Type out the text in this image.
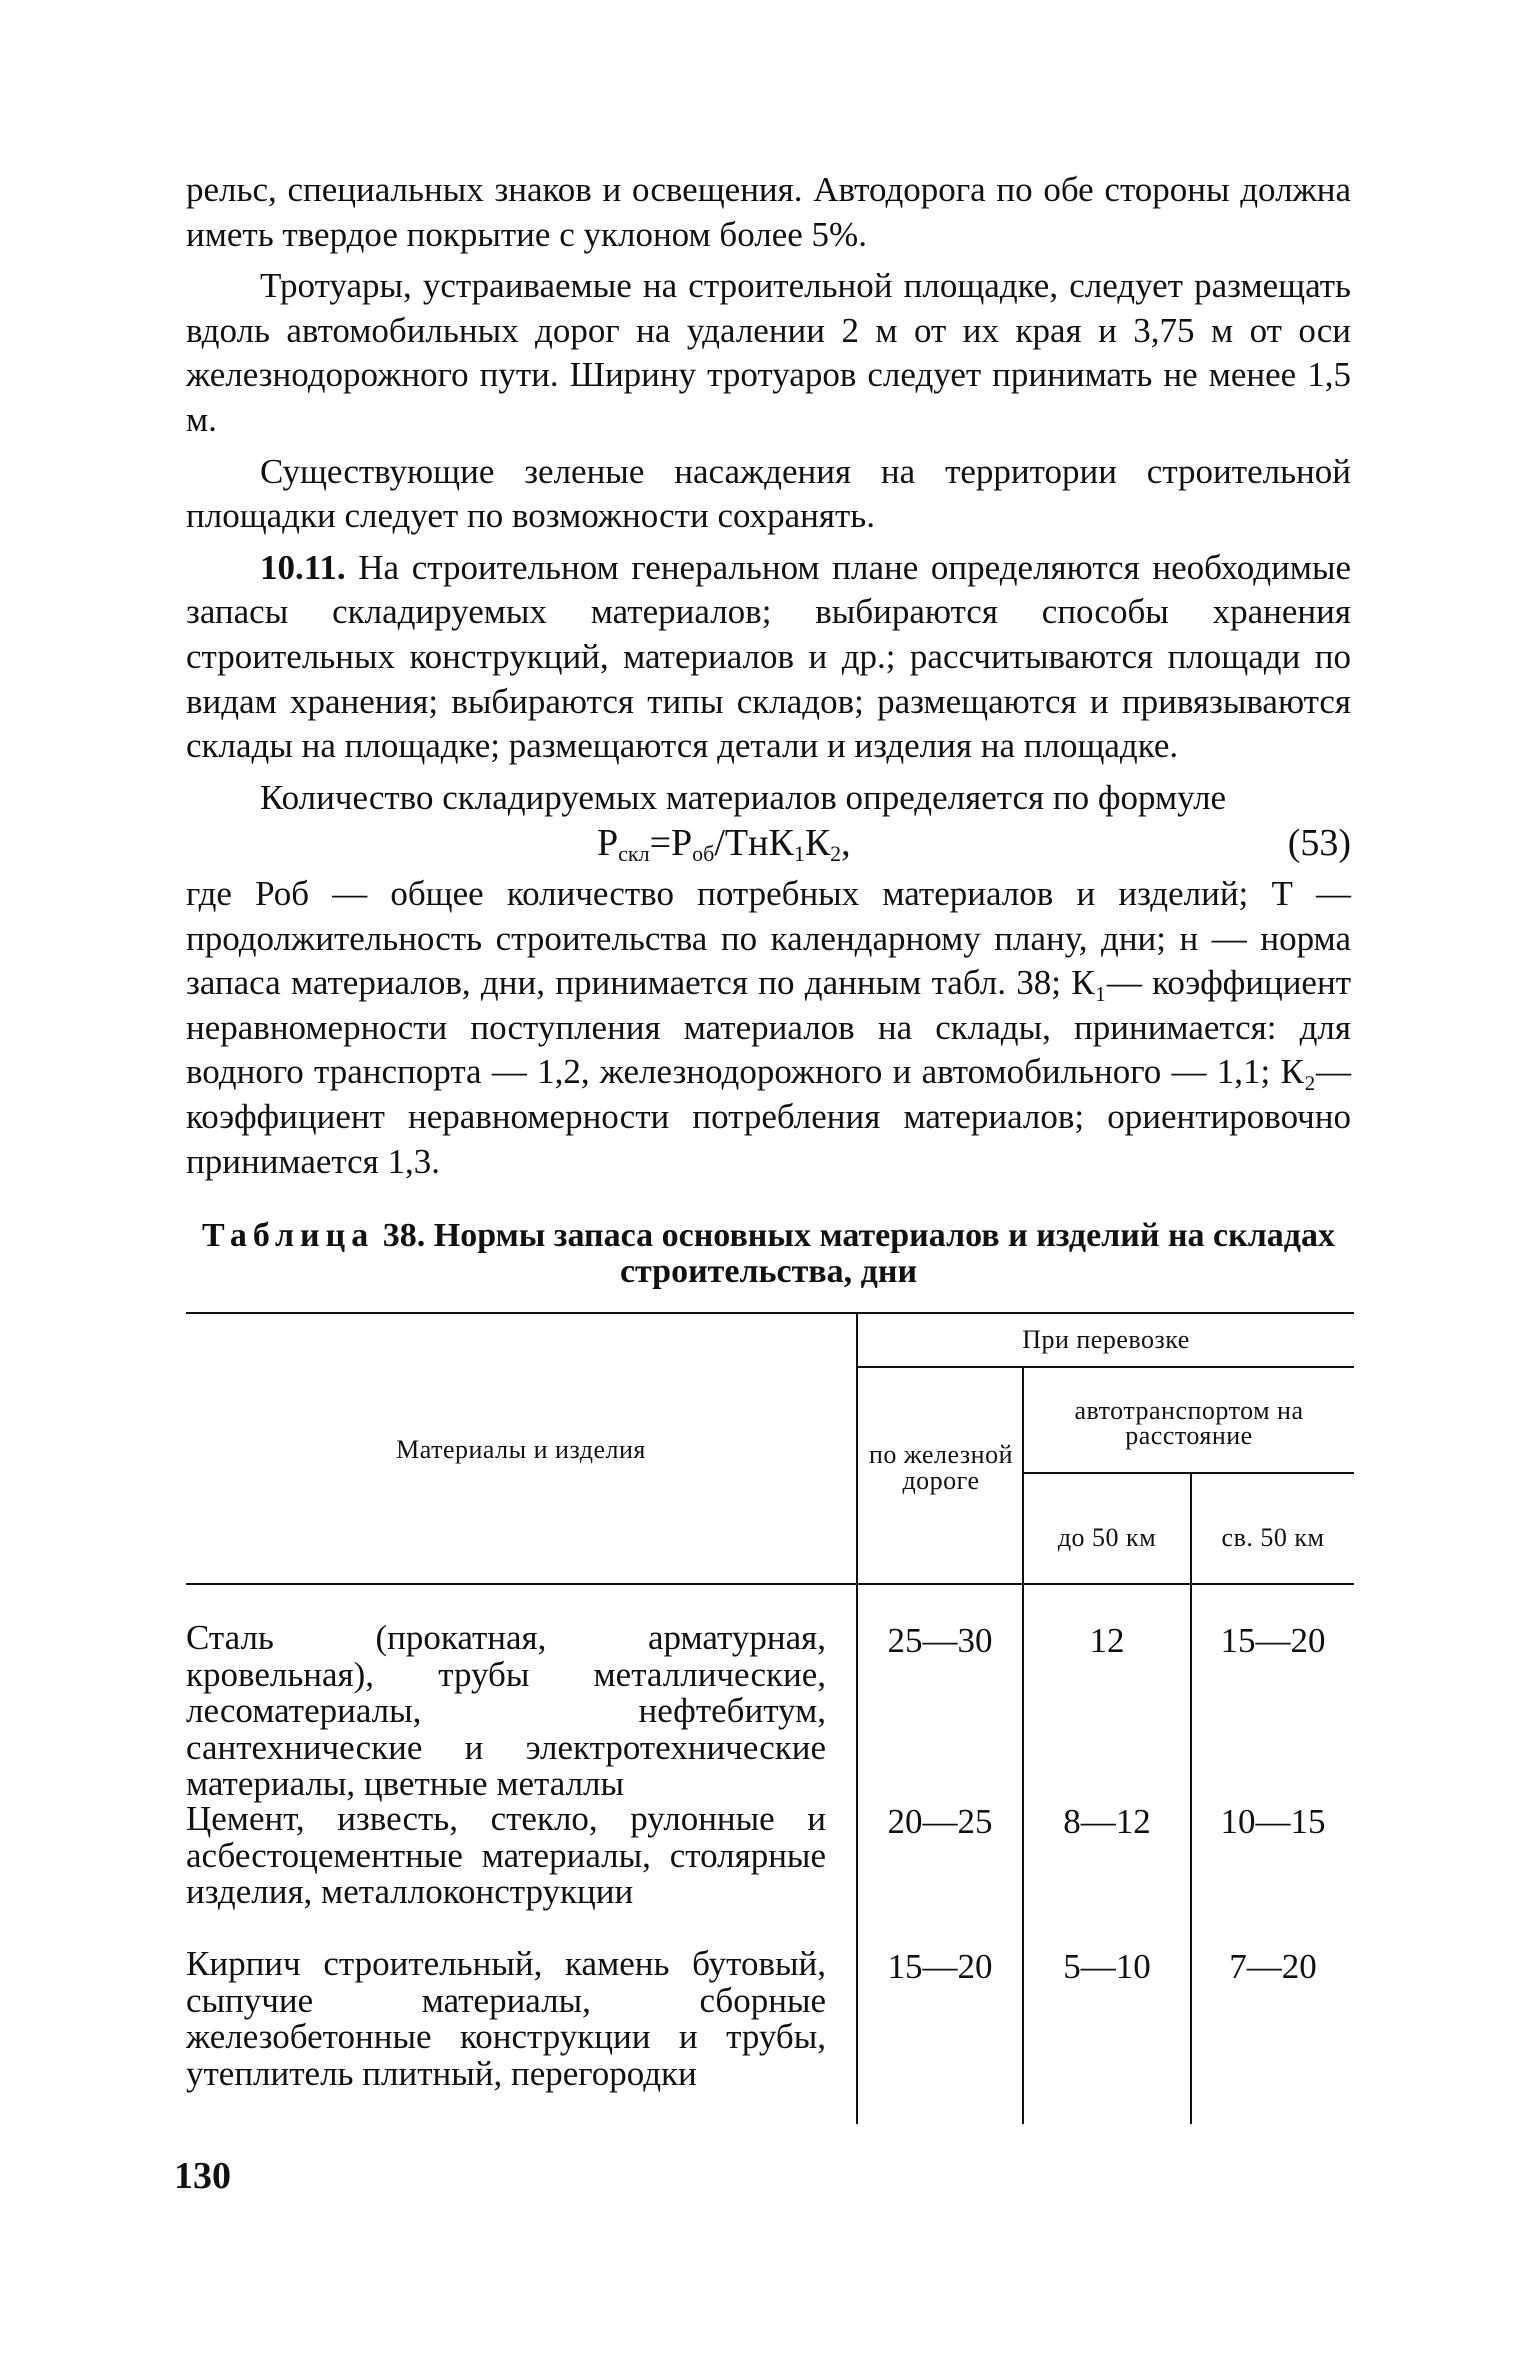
рельс, специальных знаков и освещения. Автодорога по обе стороны должна иметь твердое покрытие с уклоном более 5%.

Тротуары, устраиваемые на строительной площадке, следует размещать вдоль автомобильных дорог на удалении 2 м от их края и 3,75 м от оси железнодорожного пути. Ширину тротуаров следует принимать не менее 1,5 м.

Существующие зеленые насаждения на территории строительной площадки следует по возможности сохранять.

10.11. На строительном генеральном плане определяются необходимые запасы складируемых материалов; выбираются способы хранения строительных конструкций, материалов и др.; рассчитываются площади по видам хранения; выбираются типы складов; размещаются и привязываются склады на площадке; размещаются детали и изделия на площадке.

Количество складируемых материалов определяется по формуле

$P_{скл}=P_{об}/ТнК_1К_2$,	(53)

где Роб — общее количество потребных материалов и изделий; Т — продолжительность строительства по календарному плану, дни; н — норма запаса материалов, дни, принимается по данным табл. 38; К₁— коэффициент неравномерности поступления материалов на склады, принимается: для водного транспорта — 1,2, железнодорожного и автомобильного — 1,1; К₂— коэффициент неравномерности потребления материалов; ориентировочно принимается 1,3.

Таблица 38. Нормы запаса основных материалов и изделий на складах строительства, дни
Материалы и изделия
При перевозке
по железной дороге
автотранспортом на расстояние
до 50 км	св. 50 км
Сталь (прокатная, арматурная, кровельная), трубы металлические, лесоматериалы, нефтебитум, сантехнические и электротехнические материалы, цветные металлы
25—30	12	15—20
Цемент, известь, стекло, рулонные и асбестоцементные материалы, столярные изделия, металлоконструкции
20—25	8—12	10—15
Кирпич строительный, камень бутовый, сыпучие материалы, сборные железобетонные конструкции и трубы, утеплитель плитный, перегородки
15—20	5—10	7—20
130
